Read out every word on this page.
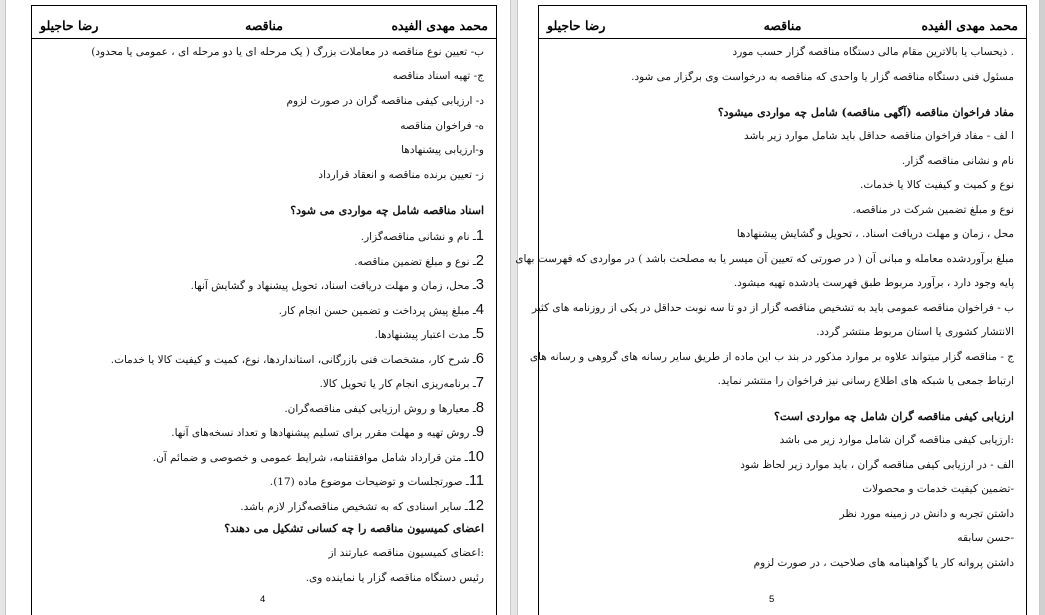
محمد مهدی الفیده
مناقصه
رضا حاجیلو
ب- تعیین نوع مناقصه در معاملات بزرگ ( یک مرحله ای یا دو مرحله ای ، عمومی یا محدود)
ج- تهیه اسناد مناقصه
د- ارزیابی کیفی مناقصه گران در صورت لزوم
ه- فراخوان مناقصه
و-ارزیابی پیشنهادها
ز- تعیین برنده مناقصه و انعقاد قرارداد
اسناد مناقصه شامل چه مواردی می شود؟
1ـ نام و نشانی مناقصه‌گزار.
2ـ نوع و مبلغ تضمین مناقصه.
3ـ محل، زمان و مهلت دریافت اسناد، تحویل پیشنهاد و گشایش آنها.
4ـ مبلغ پیش پرداخت و تضمین حسن انجام کار.
5ـ مدت اعتبار پیشنهادها.
6ـ شرح کار، مشخصات فنی بازرگانی، استانداردها، نوع، کمیت و کیفیت کالا یا خدمات.
7ـ برنامه‌ریزی انجام کار یا تحویل کالا.
8ـ معیارها و روش ارزیابی کیفی مناقصه‌گران.
9ـ روش تهیه و مهلت مقرر برای تسلیم پیشنهادها و تعداد نسخه‌های آنها.
10ـ متن قرارداد شامل موافقتنامه، شرایط عمومی و خصوصی و ضمائم آن.
11ـ صورتجلسات و توضیحات موضوع ماده (17).
12ـ سایر اسنادی که به تشخیص مناقصه‌گزار لازم باشد.
اعضای کمیسیون مناقصه را چه کسانی تشکیل می دهند؟
:اعضای کمیسیون مناقصه عبارتند از
رئیس دستگاه مناقصه گزار یا نماینده وی.
4
محمد مهدی الفیده
مناقصه
رضا حاجیلو
. ذیحساب یا بالاترین مقام مالی دستگاه مناقصه گزار حسب مورد
مسئول فنی دستگاه مناقصه گزار یا واحدی که مناقصه به درخواست وی برگزار می شود.
مفاد فراخوان مناقصه (آگهی مناقصه) شامل چه مواردی میشود؟
ا لف - مفاد فراخوان مناقصه حداقل باید شامل موارد زیر باشد
نام و نشانی مناقصه گزار.
نوع و کمیت و کیفیت کالا یا خدمات.
نوع و مبلغ تضمین شرکت در مناقصه.
محل ، زمان و مهلت دریافت اسناد. ، تحویل و گشایش پیشنهادها
مبلغ برآوردشده معامله و مبانی آن ( در صورتی که تعیین آن میسر یا به مصلحت باشد ) در مواردی که فهرست بهای
پایه وجود دارد ، برآورد مربوط طبق فهرست یادشده تهیه میشود.
ب - فراخوان مناقصه عمومی باید به تشخیص مناقصه گزار از دو تا سه نوبت حداقل در یکی از روزنامه های کثیر
الانتشار کشوری یا استان مربوط منتشر گردد.
ج - مناقصه گزار میتواند علاوه بر موارد مذکور در بند ب این ماده از طریق سایر رسانه های گروهی و رسانه های
ارتباط جمعی یا شبکه های اطلاع رسانی نیز فراخوان را منتشر نماید.
ارزیابی کیفی مناقصه گران شامل چه مواردی است؟
:ارزیابی کیفی مناقصه گران شامل موارد زیر می باشد
الف - در ارزیابی کیفی مناقصه گران ، باید موارد زیر لحاظ شود
-تضمین کیفیت خدمات و محصولات
داشتن تجربه و دانش در زمینه مورد نظر
-حسن سابقه
داشتن پروانه کار یا گواهینامه های صلاحیت ، در صورت لزوم
5
